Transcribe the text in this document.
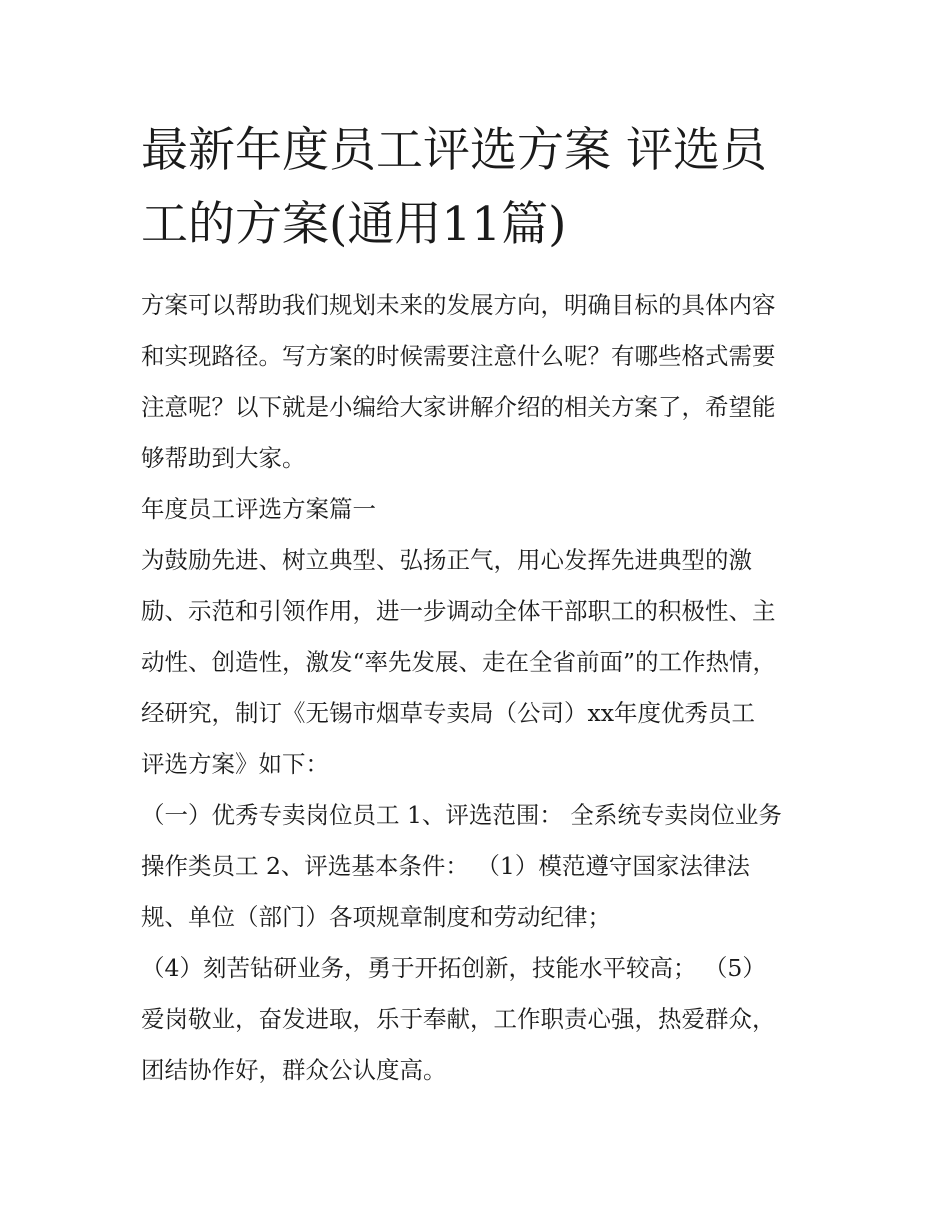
最新年度员工评选方案 评选员
工的方案(通用11篇)
方案可以帮助我们规划未来的发展方向，明确目标的具体内容
和实现路径。写方案的时候需要注意什么呢？有哪些格式需要
注意呢？以下就是小编给大家讲解介绍的相关方案了，希望能
够帮助到大家。
年度员工评选方案篇一
为鼓励先进、树立典型、弘扬正气，用心发挥先进典型的激
励、示范和引领作用，进一步调动全体干部职工的积极性、主
动性、创造性，激发“率先发展、走在全省前面”的工作热情，
经研究，制订《无锡市烟草专卖局（公司）xx年度优秀员工
评选方案》如下：
（一）优秀专卖岗位员工 1、评选范围： 全系统专卖岗位业务
操作类员工 2、评选基本条件： （1）模范遵守国家法律法
规、单位（部门）各项规章制度和劳动纪律；
（4）刻苦钻研业务，勇于开拓创新，技能水平较高； （5）
爱岗敬业，奋发进取，乐于奉献，工作职责心强，热爱群众，
团结协作好，群众公认度高。
